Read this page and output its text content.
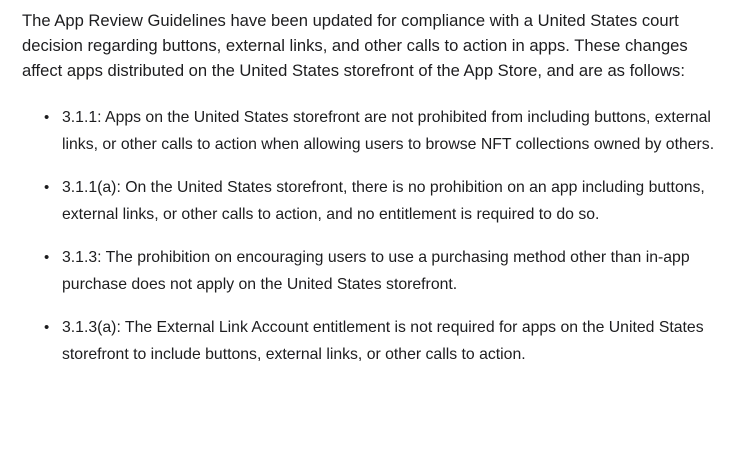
The App Review Guidelines have been updated for compliance with a United States court decision regarding buttons, external links, and other calls to action in apps. These changes affect apps distributed on the United States storefront of the App Store, and are as follows:

• 3.1.1: Apps on the United States storefront are not prohibited from including buttons, external links, or other calls to action when allowing users to browse NFT collections owned by others.
• 3.1.1(a): On the United States storefront, there is no prohibition on an app including buttons, external links, or other calls to action, and no entitlement is required to do so.
• 3.1.3: The prohibition on encouraging users to use a purchasing method other than in-app purchase does not apply on the United States storefront.
• 3.1.3(a): The External Link Account entitlement is not required for apps on the United States storefront to include buttons, external links, or other calls to action.
